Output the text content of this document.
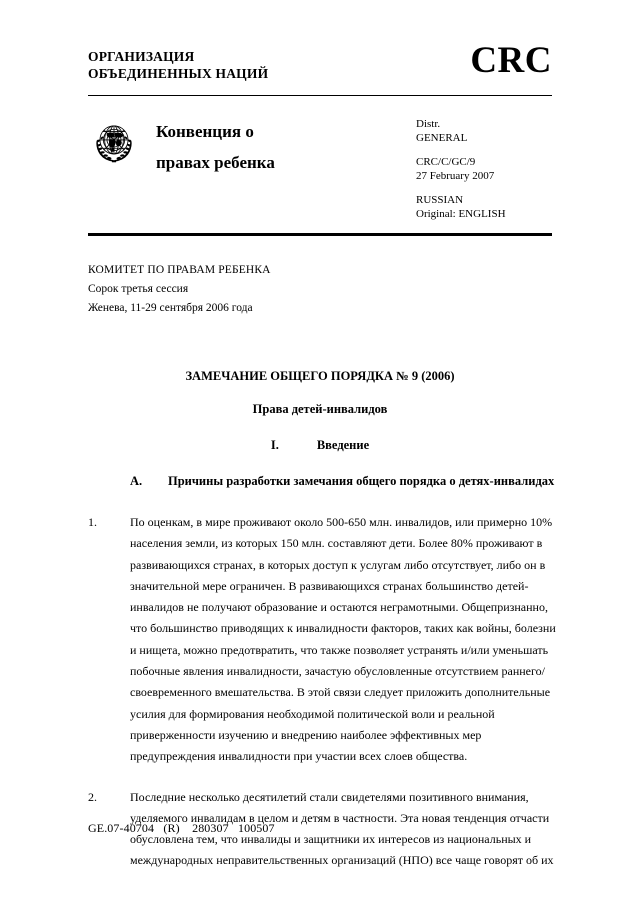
ОРГАНИЗАЦИЯ
ОБЪЕДИНЕННЫХ НАЦИЙ	CRC
Конвенция о
правах ребенка
Distr.
GENERAL
CRC/C/GC/9
27 February 2007
RUSSIAN
Original: ENGLISH
КОМИТЕТ ПО ПРАВАМ РЕБЕНКА
Сорок третья сессия
Женева, 11-29 сентября 2006 года
ЗАМЕЧАНИЕ ОБЩЕГО ПОРЯДКА № 9 (2006)
Права детей-инвалидов
I.	Введение
A. Причины разработки замечания общего порядка о детях-инвалидах
1.	По оценкам, в мире проживают около 500-650 млн. инвалидов, или примерно 10% населения земли, из которых 150 млн. составляют дети. Более 80% проживают в развивающихся странах, в которых доступ к услугам либо отсутствует, либо он в значительной мере ограничен. В развивающихся странах большинство детей-инвалидов не получают образование и остаются неграмотными. Общепризнанно, что большинство приводящих к инвалидности факторов, таких как войны, болезни и нищета, можно предотвратить, что также позволяет устранять и/или уменьшать побочные явления инвалидности, зачастую обусловленные отсутствием раннего/своевременного вмешательства. В этой связи следует приложить дополнительные усилия для формирования необходимой политической воли и реальной приверженности изучению и внедрению наиболее эффективных мер предупреждения инвалидности при участии всех слоев общества.
2.	Последние несколько десятилетий стали свидетелями позитивного внимания, уделяемого инвалидам в целом и детям в частности. Эта новая тенденция отчасти обусловлена тем, что инвалиды и защитники их интересов из национальных и международных неправительственных организаций (НПО) все чаще говорят об их
GE.07-40704   (R)    280307   100507
